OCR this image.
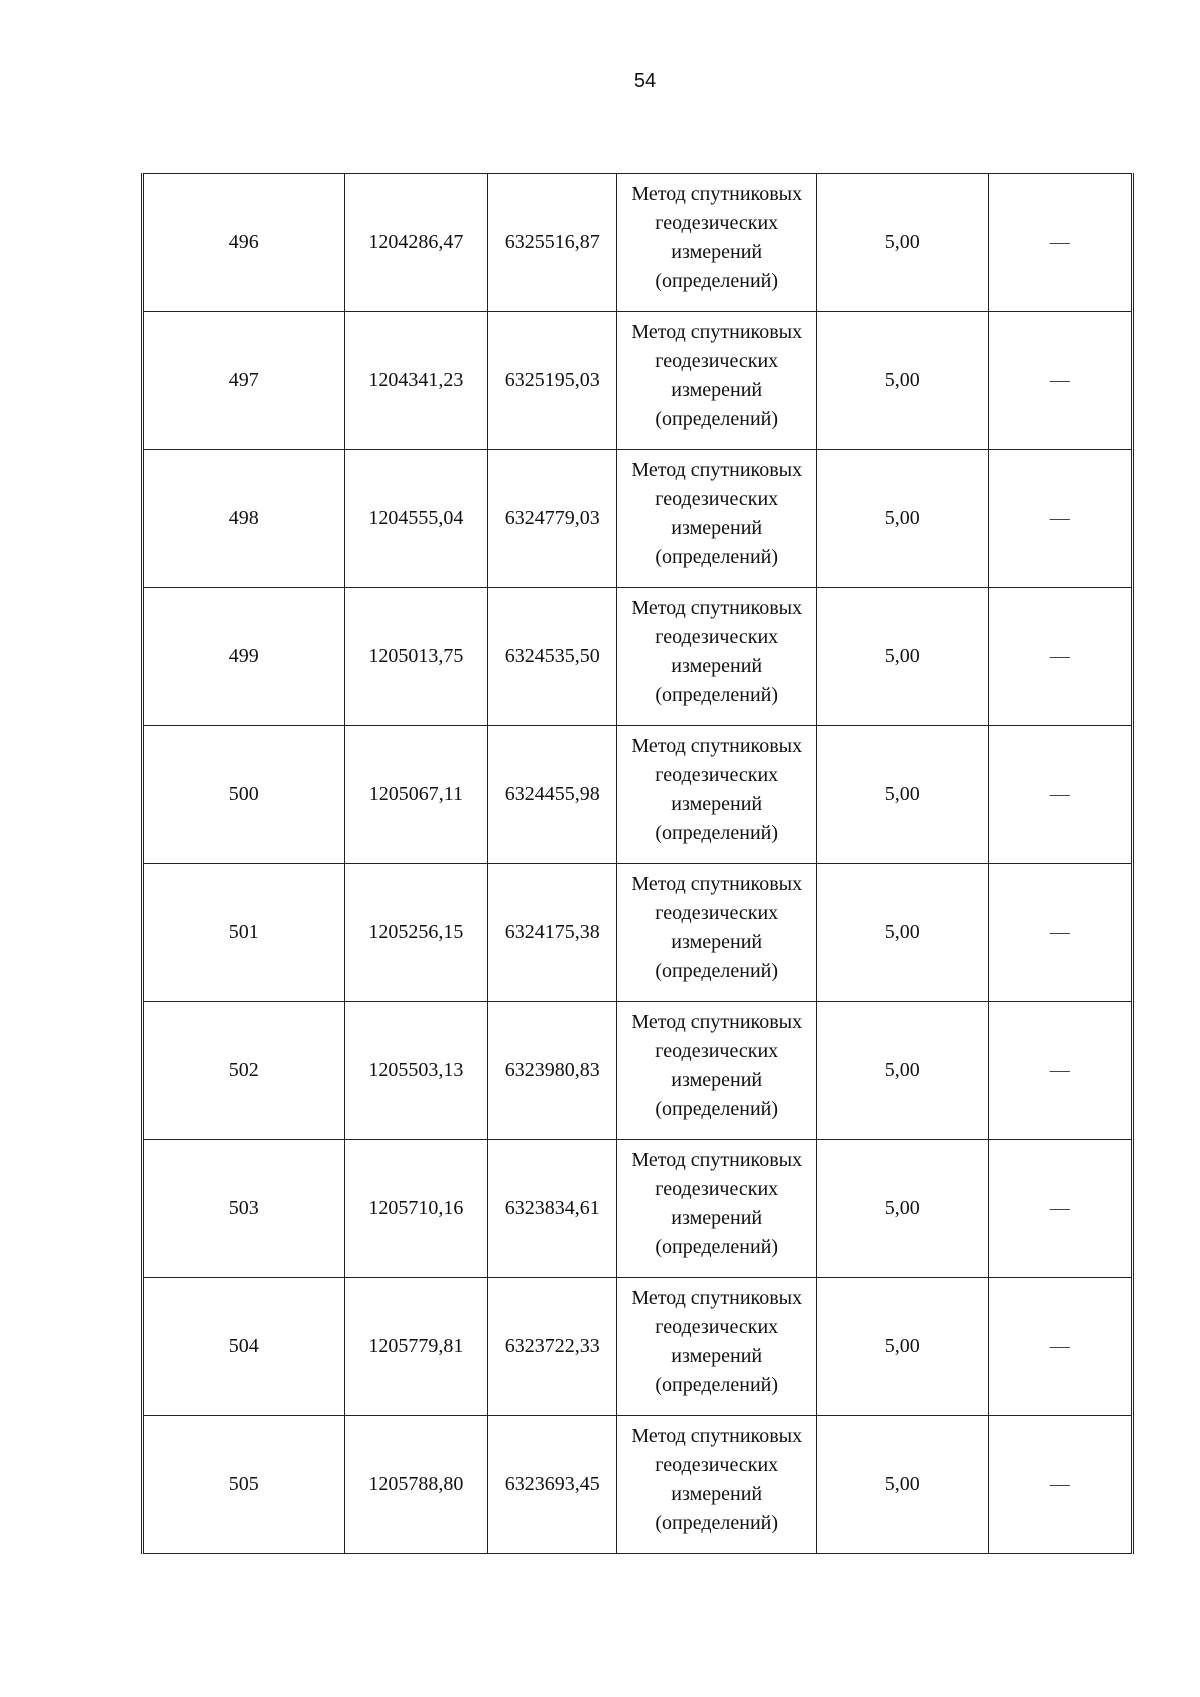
54
496	1204286,47	6325516,87	Метод спутниковых геодезических измерений (определений)	5,00	—
497	1204341,23	6325195,03	Метод спутниковых геодезических измерений (определений)	5,00	—
498	1204555,04	6324779,03	Метод спутниковых геодезических измерений (определений)	5,00	—
499	1205013,75	6324535,50	Метод спутниковых геодезических измерений (определений)	5,00	—
500	1205067,11	6324455,98	Метод спутниковых геодезических измерений (определений)	5,00	—
501	1205256,15	6324175,38	Метод спутниковых геодезических измерений (определений)	5,00	—
502	1205503,13	6323980,83	Метод спутниковых геодезических измерений (определений)	5,00	—
503	1205710,16	6323834,61	Метод спутниковых геодезических измерений (определений)	5,00	—
504	1205779,81	6323722,33	Метод спутниковых геодезических измерений (определений)	5,00	—
505	1205788,80	6323693,45	Метод спутниковых геодезических измерений (определений)	5,00	—
